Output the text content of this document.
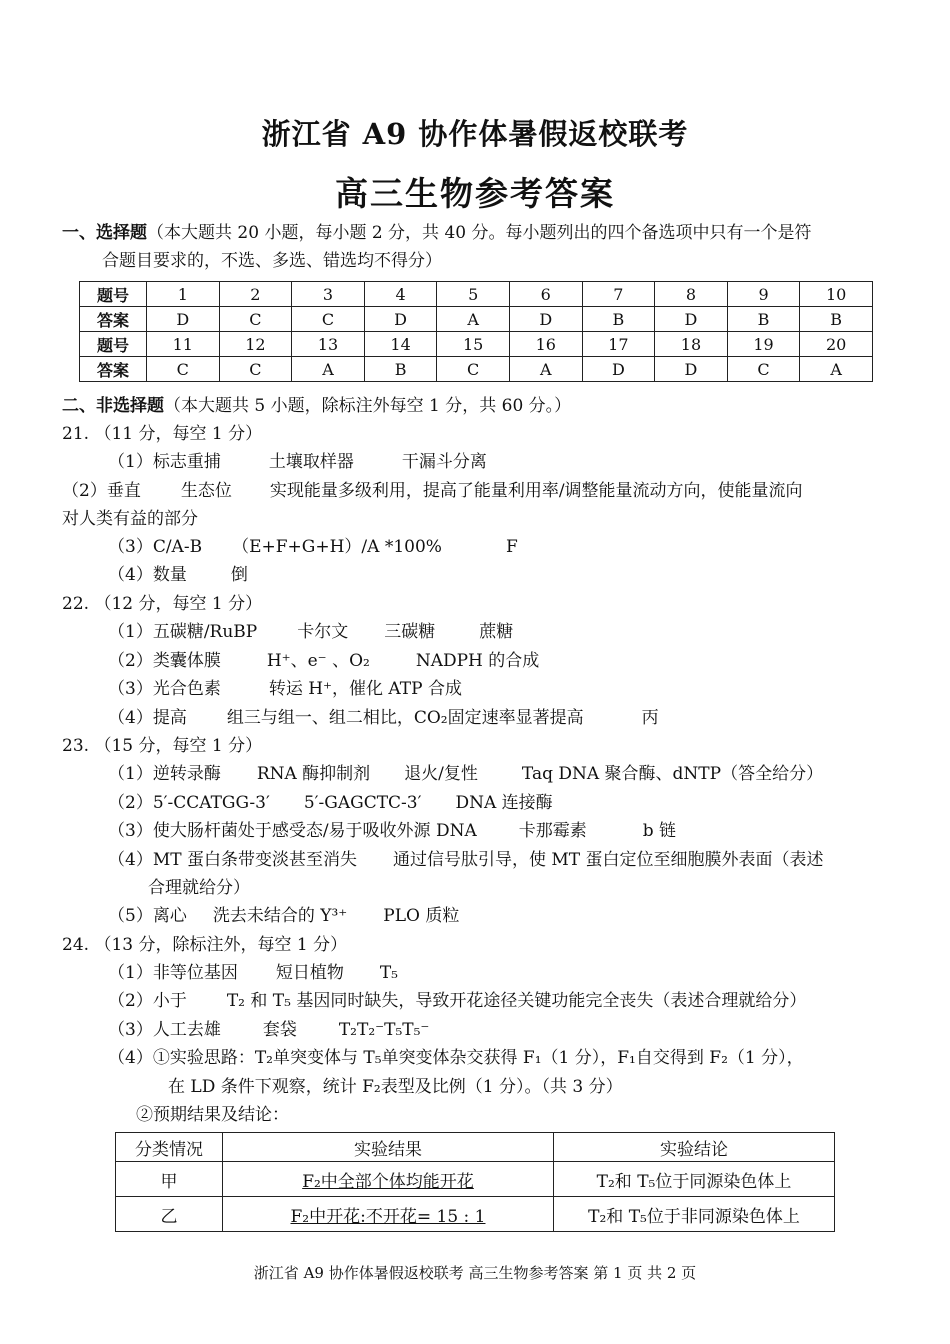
浙江省 A9 协作体暑假返校联考
高三生物参考答案
一、选择题（本大题共 20 小题，每小题 2 分，共 40 分。每小题列出的四个备选项中只有一个是符
合题目要求的，不选、多选、错选均不得分）
题号	1	2	3	4	5	6	7	8	9	10
答案	D	C	C	D	A	D	B	D	B	B
题号	11	12	13	14	15	16	17	18	19	20
答案	C	C	A	B	C	A	D	D	C	A
二、非选择题（本大题共 5 小题，除标注外每空 1 分，共 60 分。）
21. （11 分，每空 1 分）
（1）标志重捕	土壤取样器	干漏斗分离
（2）垂直 生态位 实现能量多级利用，提高了能量利用率/调整能量流动方向，使能量流向
对人类有益的部分
（3）C/A-B （E+F+G+H）/A *100%	F
（4）数量	倒
22. （12 分，每空 1 分）
（1）五碳糖/RuBP 卡尔文 三碳糖	蔗糖
（2）类囊体膜	H⁺、e⁻ 、O₂	NADPH 的合成
（3）光合色素	转运 H⁺，催化 ATP 合成
（4）提高 组三与组一、组二相比，CO₂固定速率显著提高	丙
23. （15 分，每空 1 分）
（1）逆转录酶 RNA 酶抑制剂 退火/复性	Taq DNA 聚合酶、dNTP（答全给分）
（2）5′-CCATGG-3′ 5′-GAGCTC-3′ DNA 连接酶
（3）使大肠杆菌处于感受态/易于吸收外源 DNA 卡那霉素	b 链
（4）MT 蛋白条带变淡甚至消失 通过信号肽引导，使 MT 蛋白定位至细胞膜外表面（表述
合理就给分）
（5）离心 洗去未结合的 Y³⁺ PLO 质粒
24. （13 分，除标注外，每空 1 分）
（1）非等位基因 短日植物 T₅
（2）小于 T₂ 和 T₅ 基因同时缺失，导致开花途径关键功能完全丧失（表述合理就给分）
（3）人工去雄 套袋 T₂T₂⁻T₅T₅⁻
（4）①实验思路：T₂单突变体与 T₅单突变体杂交获得 F₁（1 分），F₁自交得到 F₂（1 分），
在 LD 条件下观察，统计 F₂表型及比例（1 分）。（共 3 分）
②预期结果及结论：
分类情况	实验结果	实验结论
甲	F₂中全部个体均能开花	T₂和 T₅位于同源染色体上
乙	F₂中开花:不开花= 15 : 1	T₂和 T₅位于非同源染色体上
浙江省 A9 协作体暑假返校联考 高三生物参考答案 第 1 页 共 2 页
